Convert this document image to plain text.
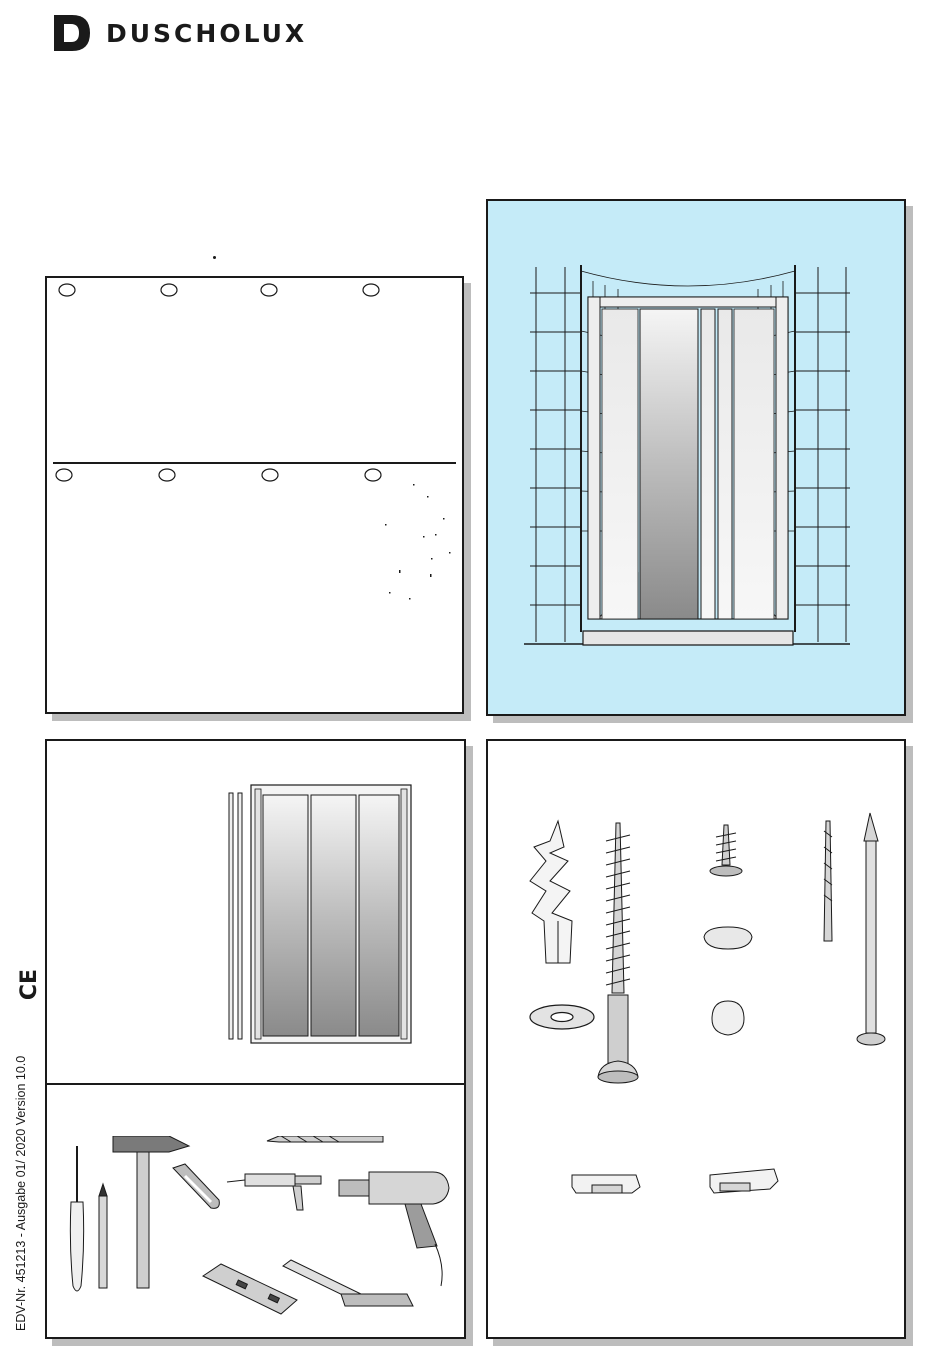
DUSCHOLUX
EDV-Nr. 451213 - Ausgabe 01/ 2020 Version 10.0
CE
